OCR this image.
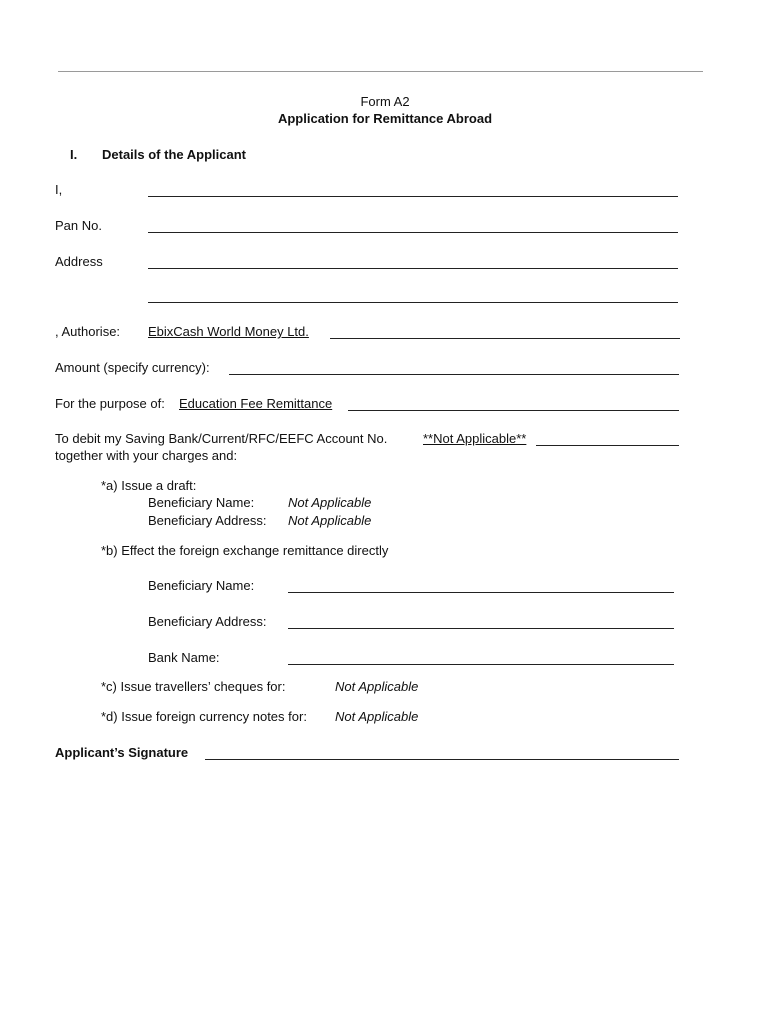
Form A2
Application for Remittance Abroad
I. Details of the Applicant
I,
Pan No.
Address
, Authorise: EbixCash World Money Ltd.
Amount (specify currency):
For the purpose of: Education Fee Remittance
To debit my Saving Bank/Current/RFC/EEFC Account No.	**Not Applicable**
together with your charges and:
*a) Issue a draft:
Beneficiary Name:	Not Applicable
Beneficiary Address: Not Applicable
*b) Effect the foreign exchange remittance directly
Beneficiary Name:
Beneficiary Address:
Bank Name:
*c) Issue travellers’ cheques for:	Not Applicable
*d) Issue foreign currency notes for: Not Applicable
Applicant’s Signature
